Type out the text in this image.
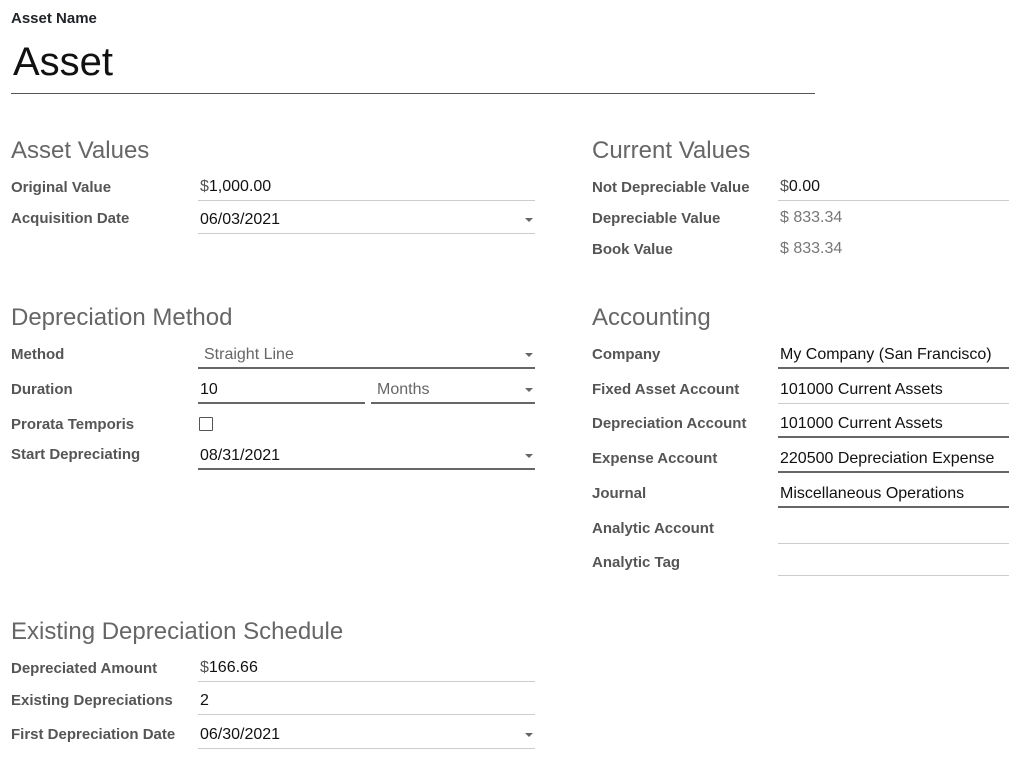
Asset Name
Asset
Asset Values
Original Value	$1,000.00
Acquisition Date	06/03/2021
Current Values
Not Depreciable Value $0.00
Depreciable Value	$ 833.34
Book Value	$ 833.34
Depreciation Method
Method	Straight Line
Duration	10	Months
Prorata Temporis
Start Depreciating	08/31/2021
Accounting
Company	My Company (San Francisco)
Fixed Asset Account	101000 Current Assets
Depreciation Account 101000 Current Assets
Expense Account	220500 Depreciation Expense
Journal	Miscellaneous Operations
Analytic Account
Analytic Tag
Existing Depreciation Schedule
Depreciated Amount	$166.66
Existing Depreciations 2
First Depreciation Date 06/30/2021
